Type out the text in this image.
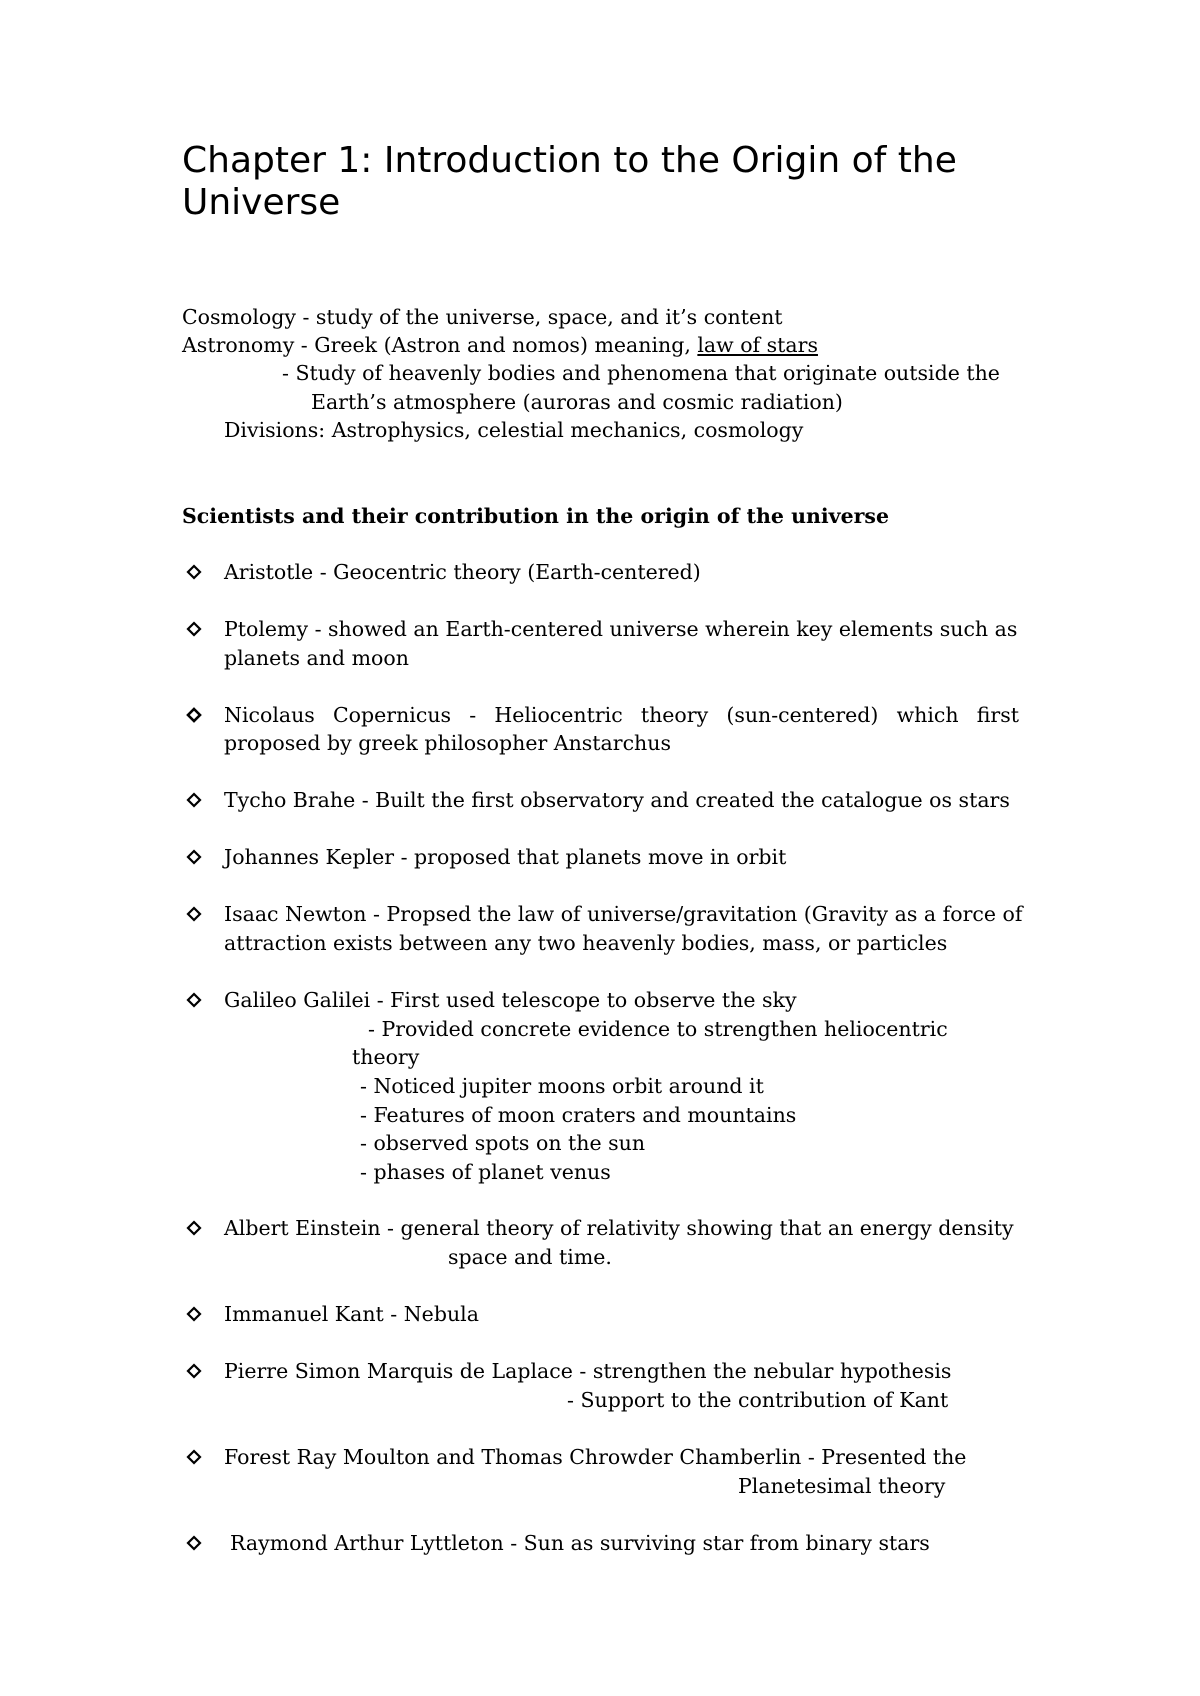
Chapter 1: Introduction to the Origin of the Universe
Cosmology - study of the universe, space, and it’s content
Astronomy - Greek (Astron and nomos) meaning, law of stars
- Study of heavenly bodies and phenomena that originate outside the
Earth’s atmosphere (auroras and cosmic radiation)
Divisions: Astrophysics, celestial mechanics, cosmology
Scientists and their contribution in the origin of the universe
Aristotle - Geocentric theory (Earth-centered)
Ptolemy - showed an Earth-centered universe wherein key elements such as
planets and moon
Nicolaus Copernicus - Heliocentric theory (sun-centered) which first
proposed by greek philosopher Anstarchus
Tycho Brahe - Built the first observatory and created the catalogue os stars
Johannes Kepler - proposed that planets move in orbit
Isaac Newton - Propsed the law of universe/gravitation (Gravity as a force of
attraction exists between any two heavenly bodies, mass, or particles
Galileo Galilei - First used telescope to observe the sky
- Provided concrete evidence to strengthen heliocentric
theory
- Noticed jupiter moons orbit around it
- Features of moon craters and mountains
- observed spots on the sun
- phases of planet venus
Albert Einstein - general theory of relativity showing that an energy density
space and time.
Immanuel Kant - Nebula
Pierre Simon Marquis de Laplace - strengthen the nebular hypothesis
- Support to the contribution of Kant
Forest Ray Moulton and Thomas Chrowder Chamberlin - Presented the
Planetesimal theory
Raymond Arthur Lyttleton - Sun as surviving star from binary stars
